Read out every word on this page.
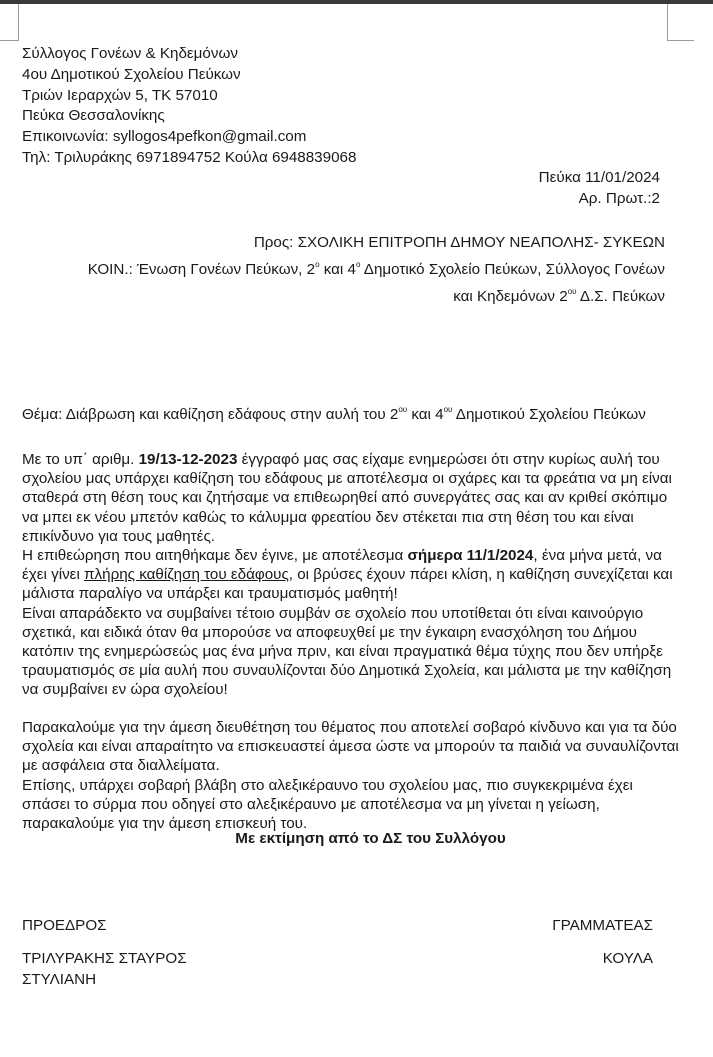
Σύλλογος Γονέων & Κηδεμόνων
4ου Δημοτικού Σχολείου Πεύκων
Τριών Ιεραρχών 5, ΤΚ 57010
Πεύκα Θεσσαλονίκης
Επικοινωνία: syllogos4pefkon@gmail.com
Τηλ: Τριλυράκης 6971894752 Κούλα 6948839068
Πεύκα 11/01/2024
Αρ. Πρωτ.:2
Προς: ΣΧΟΛΙΚΗ ΕΠΙΤΡΟΠΗ ΔΗΜΟΥ ΝΕΑΠΟΛΗΣ- ΣΥΚΕΩΝ
ΚΟΙΝ.: Ένωση Γονέων Πεύκων, $2^o$ και $4^o$ Δημοτικό Σχολείο Πεύκων, Σύλλογος Γονέων
και Κηδεμόνων $2^{o\upsilon}$ Δ.Σ. Πεύκων
Θέμα: Διάβρωση και καθίζηση εδάφους στην αυλή του $2^{o\upsilon}$ και $4^{o\upsilon}$ Δημοτικού Σχολείου Πεύκων
Με το υπ΄ αριθμ. 19/13-12-2023 έγγραφό μας σας είχαμε ενημερώσει ότι στην κυρίως αυλή του σχολείου μας υπάρχει καθίζηση του εδάφους με αποτέλεσμα οι σχάρες και τα φρεάτια να μη είναι σταθερά στη θέση τους και ζητήσαμε να επιθεωρηθεί από συνεργάτες σας και αν κριθεί σκόπιμο να μπει εκ νέου μπετόν καθώς το κάλυμμα φρεατίου δεν στέκεται πια στη θέση του και είναι επικίνδυνο για τους μαθητές.
Η επιθεώρηση που αιτηθήκαμε δεν έγινε, με αποτέλεσμα σήμερα 11/1/2024, ένα μήνα μετά, να έχει γίνει πλήρης καθίζηση του εδάφους, οι βρύσες έχουν πάρει κλίση, η καθίζηση συνεχίζεται και μάλιστα παραλίγο να υπάρξει και τραυματισμός μαθητή!
Είναι απαράδεκτο να συμβαίνει τέτοιο συμβάν σε σχολείο που υποτίθεται ότι είναι καινούργιο σχετικά, και ειδικά όταν θα μπορούσε να αποφευχθεί με την έγκαιρη ενασχόληση του Δήμου κατόπιν της ενημερώσεώς μας ένα μήνα πριν, και είναι πραγματικά θέμα τύχης που δεν υπήρξε τραυματισμός σε μία αυλή που συναυλίζονται δύο Δημοτικά Σχολεία, και μάλιστα με την καθίζηση να συμβαίνει εν ώρα σχολείου!
Παρακαλούμε για την άμεση διευθέτηση του θέματος που αποτελεί σοβαρό κίνδυνο και για τα δύο σχολεία και είναι απαραίτητο να επισκευαστεί άμεσα ώστε να μπορούν τα παιδιά να συναυλίζονται με ασφάλεια στα διαλλείματα.
Επίσης, υπάρχει σοβαρή βλάβη στο αλεξικέραυνο του σχολείου μας, πιο συγκεκριμένα έχει σπάσει το σύρμα που οδηγεί στο αλεξικέραυνο με αποτέλεσμα να μη γίνεται η γείωση, παρακαλούμε για την άμεση επισκευή του.
Με εκτίμηση από το ΔΣ του Συλλόγου
ΠΡΟΕΔΡΟΣ
ΤΡΙΛΥΡΑΚΗΣ ΣΤΑΥΡΟΣ
ΣΤΥΛΙΑΝΗ
ΓΡΑΜΜΑΤΕΑΣ
ΚΟΥΛΑ
